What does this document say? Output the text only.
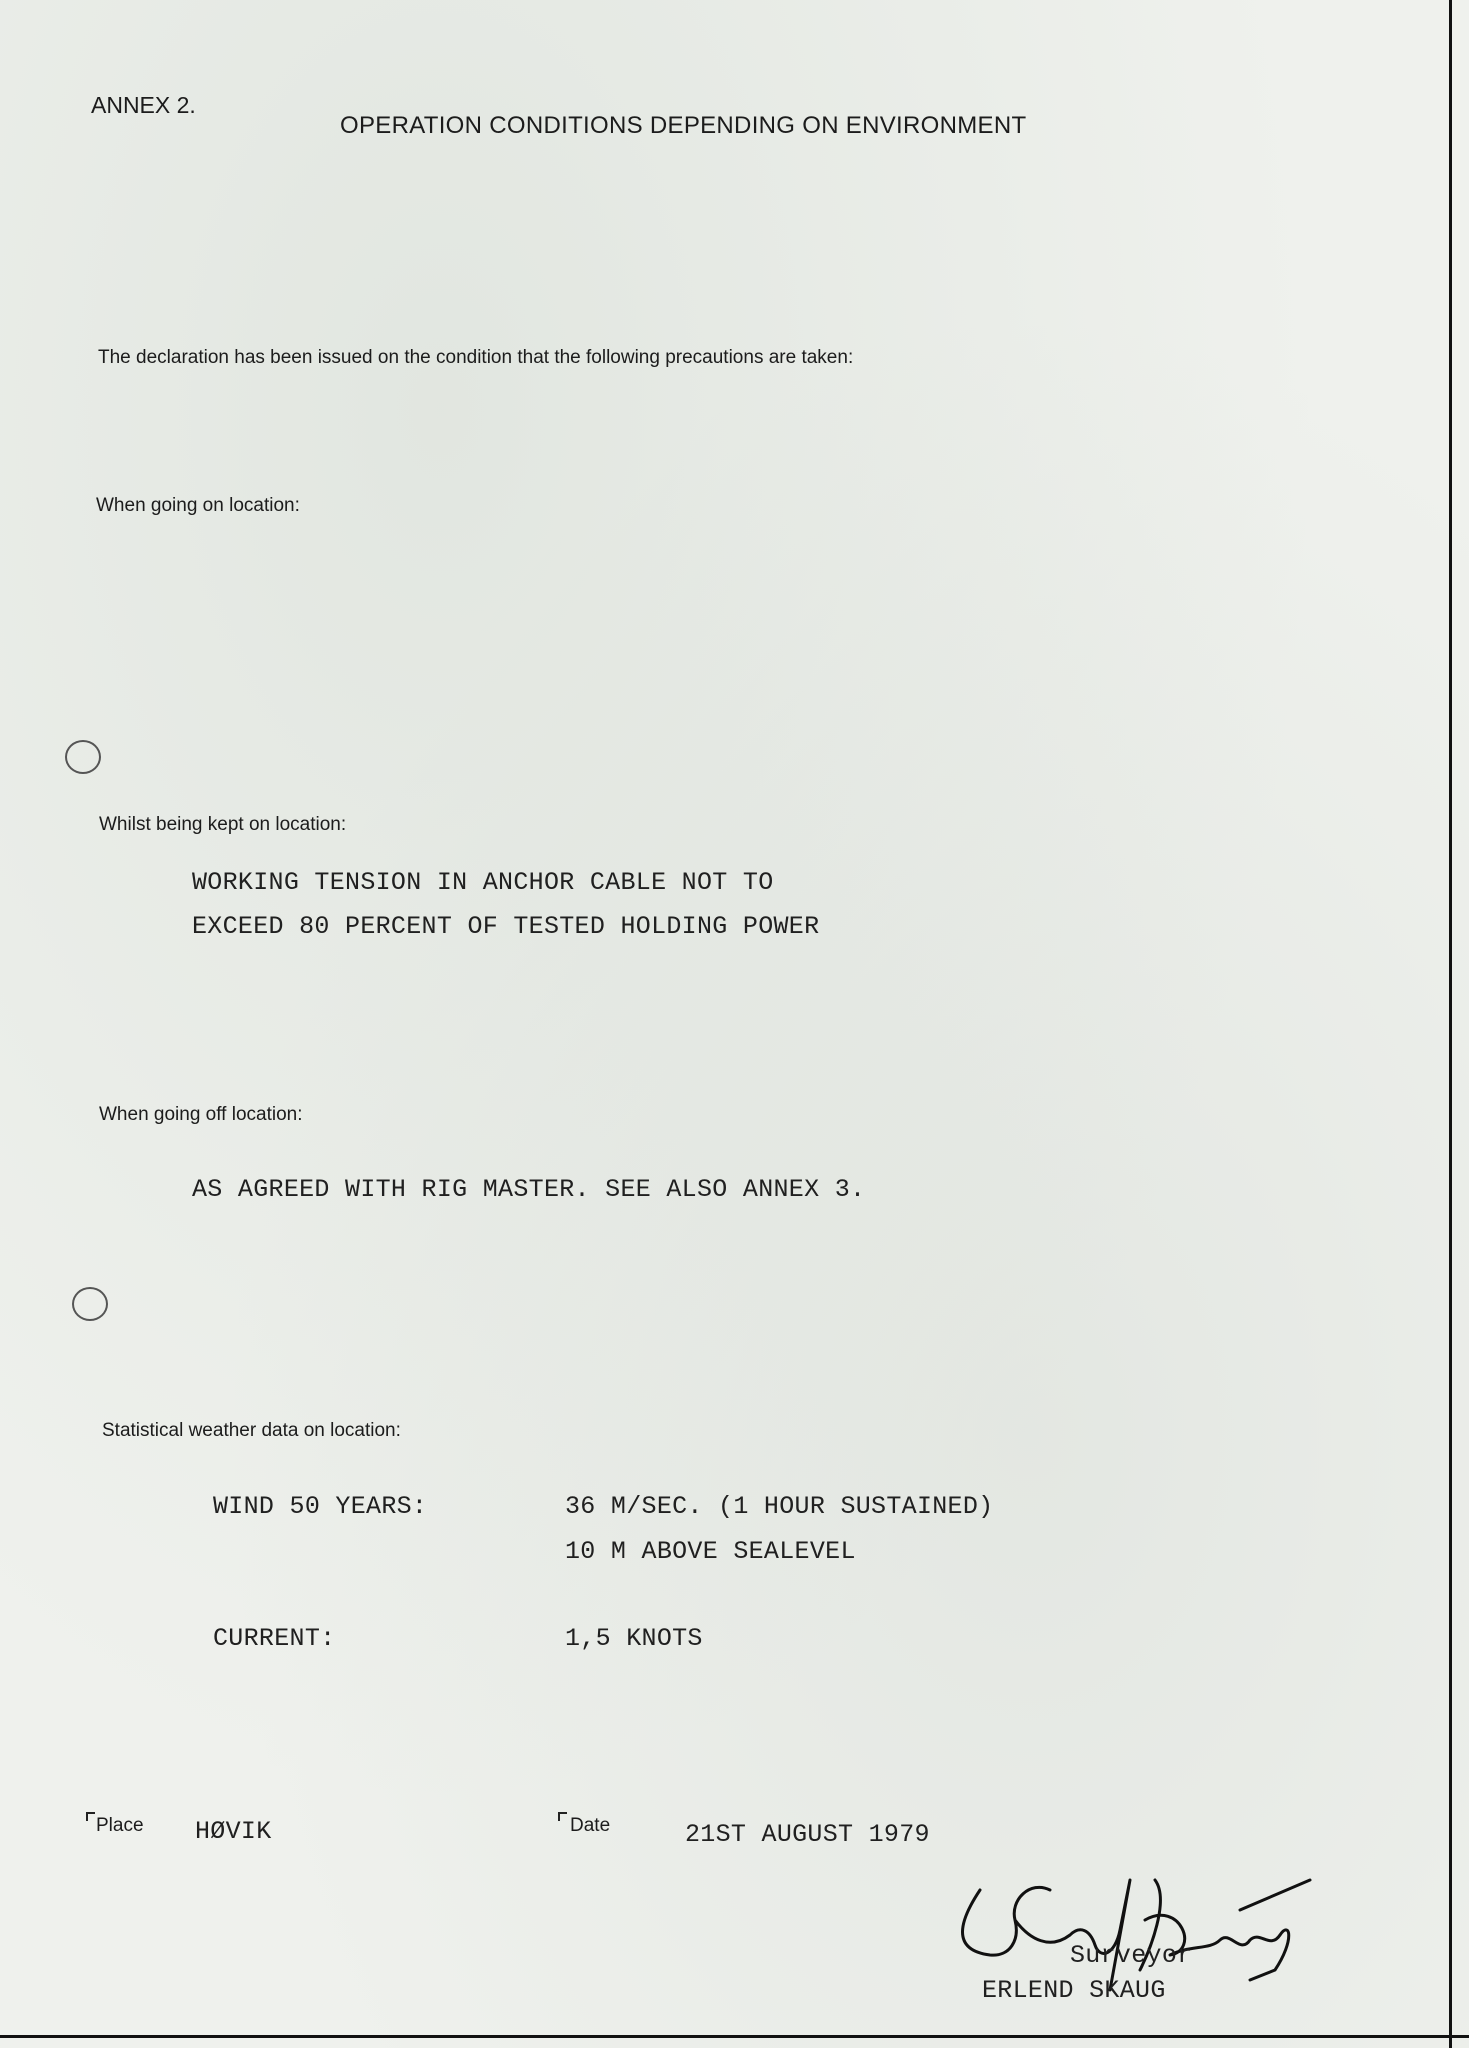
ANNEX 2.
OPERATION CONDITIONS DEPENDING ON ENVIRONMENT
The declaration has been issued on the condition that the following precautions are taken:
When going on location:
Whilst being kept on location:
WORKING TENSION IN ANCHOR CABLE NOT TO
EXCEED 80 PERCENT OF TESTED HOLDING POWER
When going off location:
AS AGREED WITH RIG MASTER. SEE ALSO ANNEX 3.
Statistical weather data on location:
WIND 50 YEARS:	36 M/SEC. (1 HOUR SUSTAINED)
10 M ABOVE SEALEVEL
CURRENT:	1,5 KNOTS
Place HØVIK	Date	21ST AUGUST 1979
Surveyor
ERLEND SKAUG
